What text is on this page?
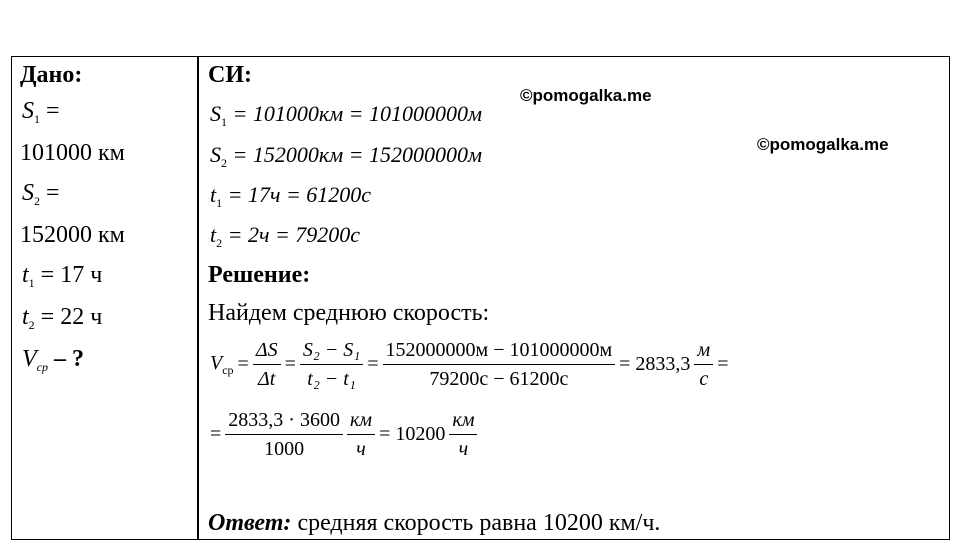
Дано:
$S_1$ =
101000 км
$S_2$ =
152000 км
$t_1 = 17$ ч
$t_2 = 22$ ч
$V_{ср}$ – ?
СИ:
©pomogalka.me
©pomogalka.me
$S_1 = 101000км = 101000000м$
$S_2 = 152000км = 152000000м$
$t_1 = 17ч = 61200с$
$t_2 = 2ч = 79200с$
Решение:
Найдем среднюю скорость:
$V_{ср} = \frac{\Delta S}{\Delta t} = \frac{\text{S₂ − S₁}}{\text{t₂ − t₁}} = \frac{152000000м - 101000000м}{79200с - 61200с} = 2833,3 \frac{м}{с}$ =
= $\frac{2833,3 \cdot 3600}{1000} \frac{км}{ч} = 10200 \frac{км}{ч}$
Ответ: средняя скорость равна 10200 км/ч.
